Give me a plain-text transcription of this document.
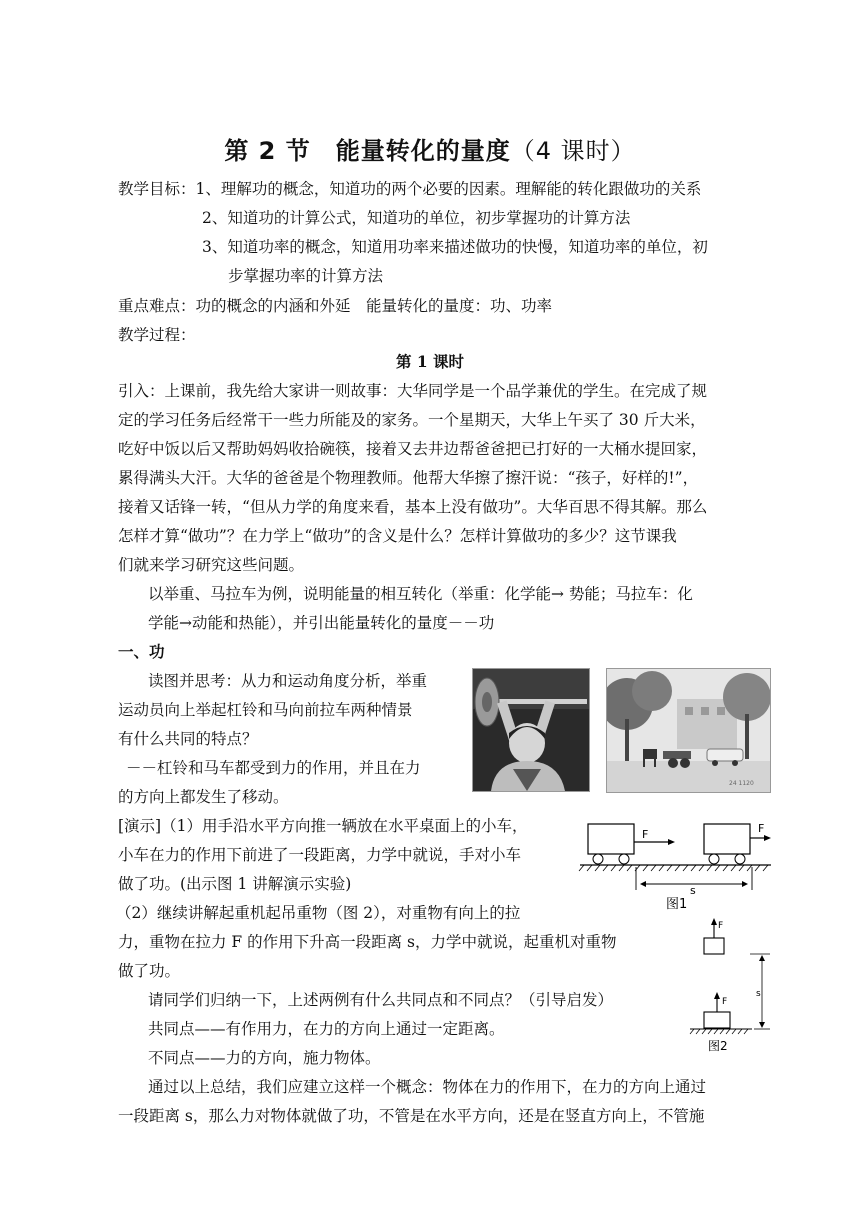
第 2 节　能量转化的量度（4 课时）
教学目标：1、理解功的概念，知道功的两个必要的因素。理解能的转化跟做功的关系
2、知道功的计算公式，知道功的单位，初步掌握功的计算方法
3、知道功率的概念，知道用功率来描述做功的快慢，知道功率的单位，初
步掌握功率的计算方法
重点难点：功的概念的内涵和外延　能量转化的量度：功、功率
教学过程：
第 1 课时
引入：上课前，我先给大家讲一则故事：大华同学是一个品学兼优的学生。在完成了规
定的学习任务后经常干一些力所能及的家务。一个星期天，大华上午买了 30 斤大米，
吃好中饭以后又帮助妈妈收拾碗筷，接着又去井边帮爸爸把已打好的一大桶水提回家，
累得满头大汗。大华的爸爸是个物理教师。他帮大华擦了擦汗说：“孩子，好样的!”，
接着又话锋一转，“但从力学的角度来看，基本上没有做功”。大华百思不得其解。那么
怎样才算“做功”？在力学上“做功”的含义是什么？怎样计算做功的多少？这节课我
们就来学习研究这些问题。
以举重、马拉车为例，说明能量的相互转化（举重：化学能→ 势能；马拉车：化
学能→动能和热能），并引出能量转化的量度－－功
一、功
读图并思考：从力和运动角度分析，举重
运动员向上举起杠铃和马向前拉车两种情景
有什么共同的特点？
－－杠铃和马车都受到力的作用，并且在力
的方向上都发生了移动。
24 1120
[演示]（1）用手沿水平方向推一辆放在水平桌面上的小车，
小车在力的作用下前进了一段距离，力学中就说，手对小车
做了功。(出示图 1 讲解演示实验)
（2）继续讲解起重机起吊重物（图 2），对重物有向上的拉
力，重物在拉力 F 的作用下升高一段距离 s，力学中就说，起重机对重物
做了功。
F	F
s
图1
请同学们归纳一下，上述两例有什么共同点和不同点？（引导启发）
共同点——有作用力，在力的方向上通过一定距离。
不同点——力的方向，施力物体。
通过以上总结，我们应建立这样一个概念：物体在力的作用下，在力的方向上通过
一段距离 s，那么力对物体就做了功，不管是在水平方向，还是在竖直方向上，不管施
F
F
s
图2
